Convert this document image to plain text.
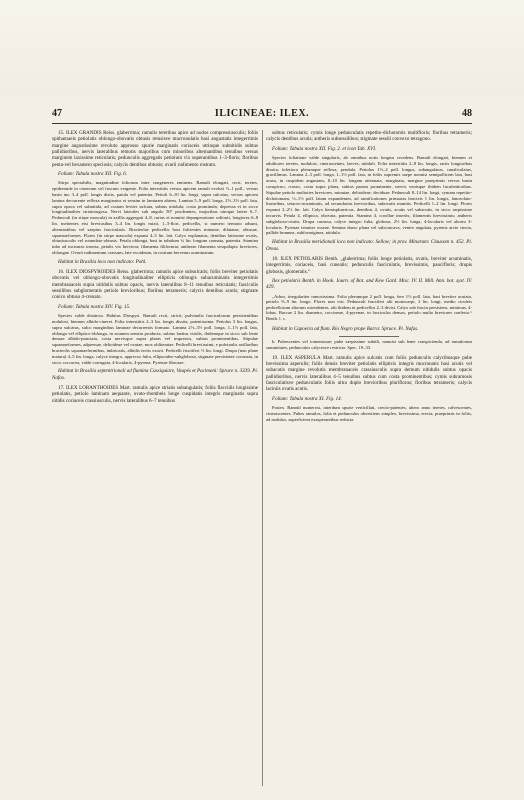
47	ILICINEAE: ILEX.	48

15. ILEX GRANDIS Reiss. glaberrima; ramulis teretibus apice ad nodos compressiusculis; foliis spithamaeis petiolatis oblongo-obovatis obtusis retusisve mucronulatis basi angustatis integerrimis margine angustissime revoluto approsso spurie marginatis coriaceis utrinque subnitidis subtus pallidioribus, nervis lateralibus remotis majoribus cum minoribus alternantibus tenuibus versus marginem laxissime reticulatis; pedunculis aggregatis petiolum vix superantibus 1–3-floris; floribus penta-vel hexamero speciosis; calycis dentibus obtusis; ovarii rudimento rostrato.

Folium: Tabula nostra XII. Fig. 6.

Stirps spectabilis, magnitudine foliorum inter congeneres eminens. Ramuli elongati, recti, teretes, epidermide in cinereum vel fuscum vergente. Folia interstitiis versus apicem ramuli evoluti ½–1 poll., versus basin ino 3–4 poll. longis distis, patula vel patentia. Petioli 6–10 lin. longi, supra sulcatus, versus apicem lamina decurrente reflexa marginatus et sensim in laminam abiens. Lamina 5–9 poll. longa, 2½–3½ poll. lata, supra opaca vel subnitida, ad costam leviter sulcata, subtus nitidula; costa prominula, depressa et in sicco longitudinaliter striatorugosa. Nervi laterales sub angulo 50° prodeuntes, majoribus utroque latere 6–7. Pedunculi (in stirpe mascula) in axillis aggregati 4–8, rarius et nonnisi depauperatione solitarii, longiores 6–8 lin. metientes etsi breviusibus 3–4 lin. longis mixti, 1–3-flori, pedicellis, si numero ternario adsunt, alternantibus vel saepius fasciculatis. Bracteolae pedicellis basi fulcientes minutae, dilatatae, obtusae, squamaeformes. Flores (in stirpe mascula) expansi 4–5 lin. lati. Calyx explanatus, dentibus latissime ovatis, obtusiusculis vel rotundato-obtusis. Petala oblonga, basi in tubulum ¾ lin. longum connata, patentia. Stamina tubo ad incisuras inserta, petalis vix breviora; filamenta filiformia; antherae filamenta sesquilapto breviores, oblongae. Ovarii rudimentum crassum, late ovoideum, in rostrum breveum acuminatum.

Habitat in Brasilia loco non indicato: Pohl.

16. ILEX DIOSPYROIDES Reiss. glaberrima; ramulis apice subsulcatis; foliis breviter petiolatis obovatis vel oblongo-obovatis longitudinaliter ellipticis oblongis subacuminatis integerrimis membranaceis supra nitidulis subtus opacis, nervis lateralibus 8–11 tenuibus reticulatis; fasciculis sessilibus subglomeratis petiolo brevioribus; floribus tetrameris; calycis dentibus acutis; stigmate conico obtuso 4-crenato.

Folium: Tabula nostra XIV. Fig. 15.

Species valde distincta. Habitus Diospyri. Ramuli recti, stricti, pulvinulis fasciculorum persistentibus nodulosi, biennes albido-cinerei. Folia interstitiis 2–3 lin. longis dissita, patentissima. Petiolus 3 lin. longus, supra sulcatus, sulco marginibus laminae decurrentis formato. Lamina 2½–3½ poll. longa, 1–1½ poll. lata, oblonga vel elliptico-oblonga, in acumen sensim producta, subtus laetius viridis, ibidemque in sicco sub lente densae albido-punctata, costa nervisque supra planis vel impressis, subtus prominentibus. Stipulae squamaeformes, adpressae, deltoideae vel ovatae, mox obliteratae. Pedicelli breviissimi, e pulvinulis axillaribus bracteolis squamaeformibus, imbricatis, albidis tectis exorti. Pedicelli fructiferi ½ lin. longi. Drupa (non plane matura) 4–5 lin. longa, calyce integro, apprecso fulta, ellipsoideo-subglobosa, stigmate persistente coronata, in sicco coccacea, valde corrugata, 4-locularis, 4-pyrena. Pyrenae fibrosae.

Habitat in Brasilia septentrionali ad flumina Cassiquiare, Vaupés et Pacimoni: Spruce n. 3339. Pi. Nafas.

17. ILEX LORANTHOIDES Mart. ramulis apice striatis subangulatis; foliis flaccidis longissime petiolatis, petiolo laminam aequante, ovato-rhombeis longe cuspidatis integris marginatis supra nitidis coriaceis crassiusculis, nervis lateralibus 6–7 tenuibus

subtus reticulatis; cymis longe pedunculatis repetito-dichotomis multifloris; floribus tetrameris; calycis dentibus acutis; antheris subsessilibus; stigmate sessili convexo tetragono.

Folium: Tabula nostra XII. Fig. 2. et icon Tab. XVI.

Species foliatione valde singularis, ab omnibus notis longius recedens. Ramuli elongati, biennes et adultiores teretes, nodulosi, cinerascentes, laeves, nitiduli. Folia interstitiis 2–8 lin. longis, rariis longioribus dissita, inferiora plerumque reflexa, pendula. Petiolus 1½–2 poll. longus, subangulatus, canaliculatus, gracillimus. Lamina 2–3 poll. longa, 1–1½ poll. lata, in foliis supremis saepe nonnisi semipollicem lata, basi acuta, in cuspidem angustam, 8–10 lin. longam attenuata, marginata, margine praeprimis versus basin conspicuo, crasso, costa supra plana, subtus parum prominente, nervis venisque ibidem luculentioribus. Stipulae petiolo multoties breviores, minutae, deltoideae, deciduae. Pedunculi 8–14 lin. longi, cymam repetito-dichotomam, ½–1½ poll. latam expandentes, ad ramificationes primarias bracteis 1 lin. longis, lanceolato-linearibus, setaceo-acuminatis, ad secundarias brevioribus, subovatis munitis. Pedicelli 1–2 lin. longi. Flores expansi 2–2½ lin. lati. Calyx hemisphaericus, dentibus 4, ovatis, acutis vel subacutis, in sicco sarpissime incurvis. Petala 4, elliptica, obovata, patentia. Stamina 4, corollae insertis; filamentis brevissimis; antheris subgloboso-ovatis. Drupa carnosa, calyce integro fulta, globosa, 2½ lin. longa, 4-locularis vel abortu 3-locularis. Pyrenae tenuiter osseae. Semina durso plana vel subconcava, ventre angulata, pyrenis arcte cincta, pallide brunnea, subformigineа, nitidula.

Habitat in Brasilia meridionali loco non indicato: Sellow; in prov. Minarum: Claussen n. 452. Pi. Oreas.

18. ILEX PETIOLARIS Benth. „glaberrima; foliis longe petiolatis, ovatis, breviter acuminatis, integerrimis, coriaceis, basi cuneatis; pedunculis fasciculatis, brevissimis, paucifloris; drupis globosis, glomeratis.“

Ilex petiolaris Benth. in Hook. Journ. of Bot. and Kew Gard. Misc. IV. II. Mill. Ann. bot. syst. IV. 429.

„Arbor, irregulariter ramosissima. Folia plerumque 2 poll. longa, fere 1½ poll. lata, basi breviter acutata, petiolo ⅔–9 lin. longo. Flores non visi. Pedunculi fructiferi alii monocarpi, 2 lin. longi, medio ciculeis pedicellorum aliorum ostendentes, alii ibidem in pedicellos 2–3 divisi. Calyx sub fructu persistens, minimus, 4-lobus. Baccae 2 lin. diametro, coccineae, 4-pyrenae, in fasciculos densos, petiolo multo breviores conferta.“ Benth. l. c.

Habitat in Capoeira ad flum. Rio Negro prope Barra: Spruce. Pi. Nafas.

b. Pubescentes vel tomentosae; pube saepissime subtili, nonnisi sub lente conspicienda, ad ramulorum summitates, pedunculos calycesve restricta. Spec. 19–33.

19. ILEX ASPERULA Mart. ramulis apice sulcatis cum foliis pedunculis calycibusque pube brevissima asperulis; foliis densis breviter petiolatis ellipticis integris mucronatis basi acutis vel subacutis margine revolutis membranaceis crassiusculis supra demum nitidulis subtus opacis pallidioribus, nervis lateralibus 4–5 tenuibus subtus cum costa prominentibus; cymis subramosis fasciculatisve pedunculatis foliis ultra duplo brevioribus pluriflorus; floribus tetrameris; calycis laciniis ovatis acutis.

Folium: Tabula nostra XI. Fig. 14.

Frutex. Ramuli numerosi, interdum spurie verticillati, crecto-patentes, altero anno teretes, calvescentes, cinerascentes. Pubes ramulos, folia et pedunculos obvestiens simplex, brevissima, erecta, praeprimis in foliis, ad nodulos, superficiem exasperantibus reducta.
